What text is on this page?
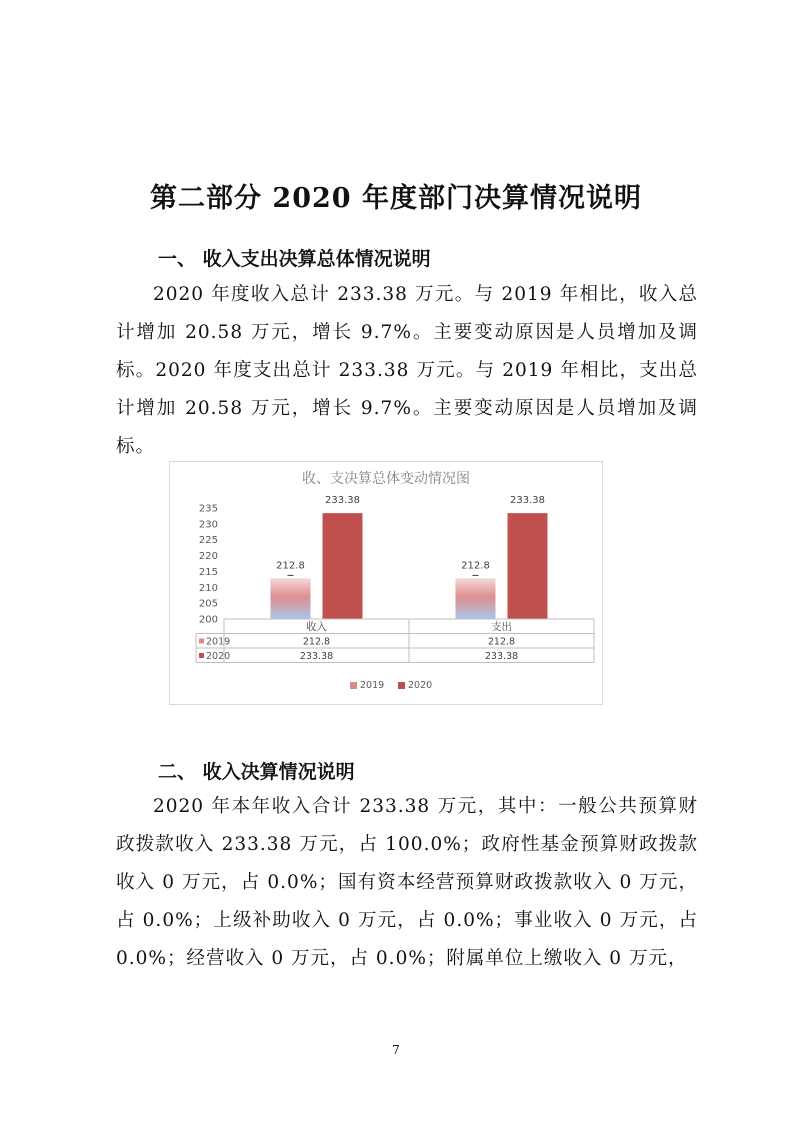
第二部分 2020 年度部门决算情况说明
一、 收入支出决算总体情况说明

2020 年度收入总计 233.38 万元。与 2019 年相比，收入总计增加 20.58 万元，增长 9.7%。主要变动原因是人员增加及调标。2020 年度支出总计 233.38 万元。与 2019 年相比，支出总计增加 20.58 万元，增长 9.7%。主要变动原因是人员增加及调标。

收、支决算总体变动情况图
200
205
210
215
220
225
230
235
212.8
233.38
212.8
233.38
收入	支出
2019	212.8	212.8
2020	233.38	233.38
2019	2020
二、 收入决算情况说明

2020 年本年收入合计 233.38 万元，其中：一般公共预算财政拨款收入 233.38 万元，占 100.0%；政府性基金预算财政拨款收入 0 万元，占 0.0%；国有资本经营预算财政拨款收入 0 万元，占 0.0%；上级补助收入 0 万元，占 0.0%；事业收入 0 万元，占 0.0%；经营收入 0 万元，占 0.0%；附属单位上缴收入 0 万元，

7
